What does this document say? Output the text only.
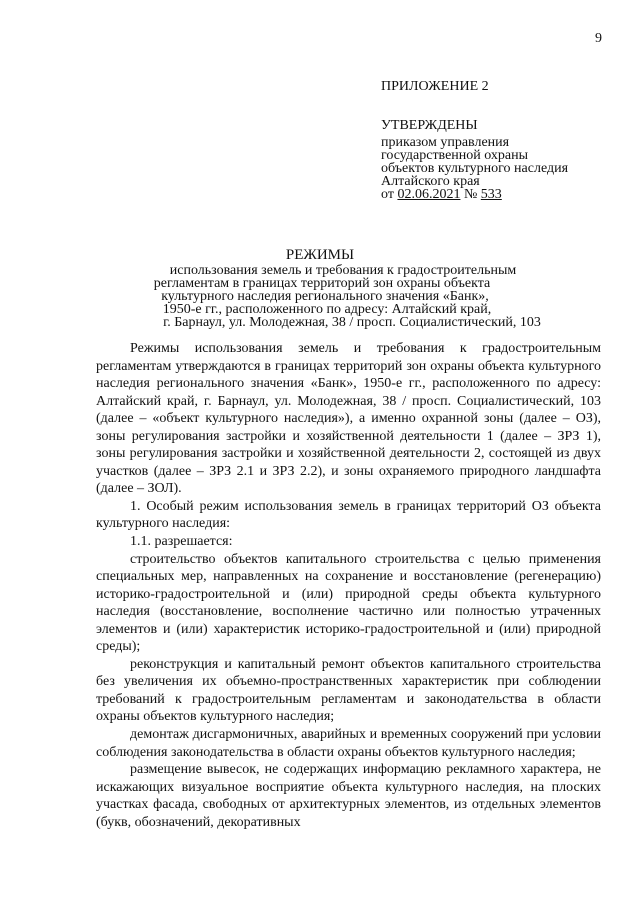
9
ПРИЛОЖЕНИЕ 2
УТВЕРЖДЕНЫ
приказом управления
государственной охраны
объектов культурного наследия
Алтайского края
от 02.06.2021 № 533
РЕЖИМЫ
использования земель и требования к градостроительным
регламентам в границах территорий зон охраны объекта
культурного наследия регионального значения «Банк»,
1950-е гг., расположенного по адресу: Алтайский край,
г. Барнаул, ул. Молодежная, 38 / просп. Социалистический, 103

Режимы использования земель и требования к градостроительным регламентам утверждаются в границах территорий зон охраны объекта культурного наследия регионального значения «Банк», 1950-е гг., расположенного по адресу: Алтайский край, г. Барнаул, ул. Молодежная, 38 / просп. Социалистический, 103 (далее – «объект культурного наследия»), а именно охранной зоны (далее – ОЗ), зоны регулирования застройки и хозяйственной деятельности 1 (далее – ЗРЗ 1), зоны регулирования застройки и хозяйственной деятельности 2, состоящей из двух участков (далее – ЗРЗ 2.1 и ЗРЗ 2.2), и зоны охраняемого природного ландшафта (далее – ЗОЛ).

1. Особый режим использования земель в границах территорий ОЗ объекта культурного наследия:

1.1. разрешается:

строительство объектов капитального строительства с целью применения специальных мер, направленных на сохранение и восстановление (регенерацию) историко-градостроительной и (или) природной среды объекта культурного наследия (восстановление, восполнение частично или полностью утраченных элементов и (или) характеристик историко-градостроительной и (или) природной среды);

реконструкция и капитальный ремонт объектов капитального строительства без увеличения их объемно-пространственных характеристик при соблюдении требований к градостроительным регламентам и законодательства в области охраны объектов культурного наследия;

демонтаж дисгармоничных, аварийных и временных сооружений при условии соблюдения законодательства в области охраны объектов культурного наследия;

размещение вывесок, не содержащих информацию рекламного характера, не искажающих визуальное восприятие объекта культурного наследия, на плоских участках фасада, свободных от архитектурных элементов, из отдельных элементов (букв, обозначений, декоративных
